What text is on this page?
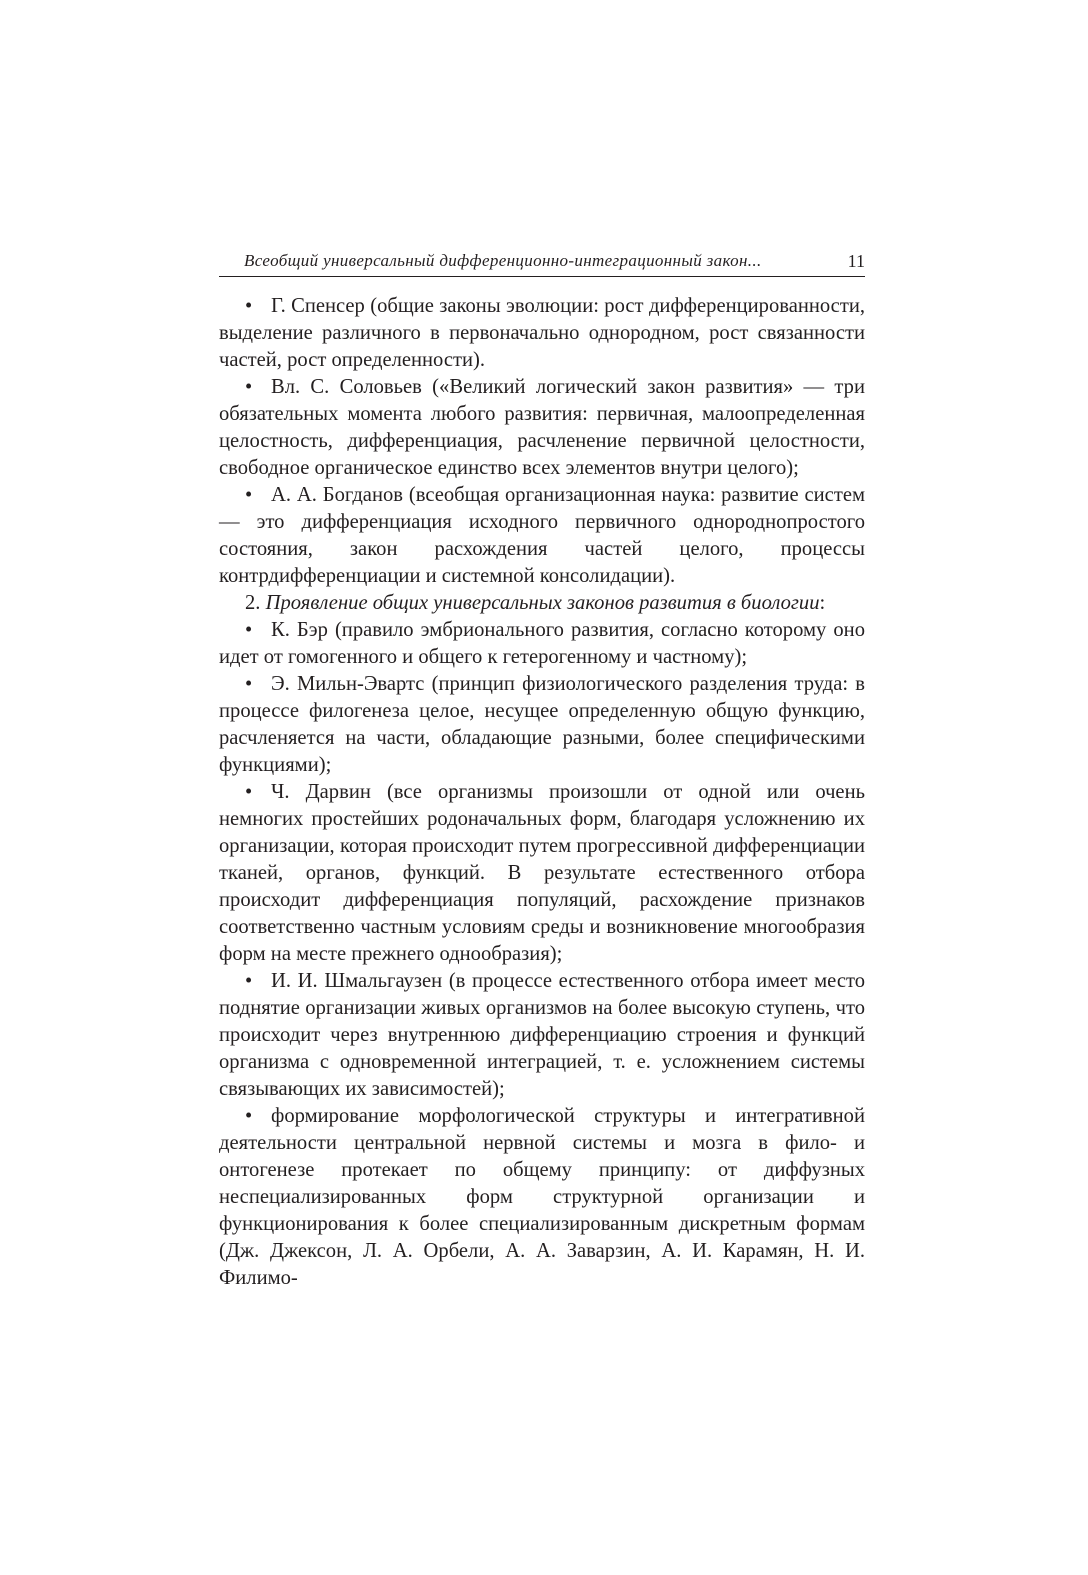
Всеобщий универсальный дифференционно-интеграционный закон...	11

• Г. Спенсер (общие законы эволюции: рост дифференцированности, выделение различного в первоначально однородном, рост связанности частей, рост определенности).

• Вл. С. Соловьев («Великий логический закон развития» — три обязательных момента любого развития: первичная, малоопределенная целостность, дифференциация, расчленение первичной целостности, свободное органическое единство всех элементов внутри целого);

• А. А. Богданов (всеобщая организационная наука: развитие систем — это дифференциация исходного первичного однороднопростого состояния, закон расхождения частей целого, процессы контрдифференциации и системной консолидации).

2. Проявление общих универсальных законов развития в биологии:

• К. Бэр (правило эмбрионального развития, согласно которому оно идет от гомогенного и общего к гетерогенному и частному);

• Э. Мильн-Эвартс (принцип физиологического разделения труда: в процессе филогенеза целое, несущее определенную общую функцию, расчленяется на части, обладающие разными, более специфическими функциями);

• Ч. Дарвин (все организмы произошли от одной или очень немногих простейших родоначальных форм, благодаря усложнению их организации, которая происходит путем прогрессивной дифференциации тканей, органов, функций. В результате естественного отбора происходит дифференциация популяций, расхождение признаков соответственно частным условиям среды и возникновение многообразия форм на месте прежнего однообразия);

• И. И. Шмальгаузен (в процессе естественного отбора имеет место поднятие организации живых организмов на более высокую ступень, что происходит через внутреннюю дифференциацию строения и функций организма с одновременной интеграцией, т. е. усложнением системы связывающих их зависимостей);

• формирование морфологической структуры и интегративной деятельности центральной нервной системы и мозга в фило- и онтогенезе протекает по общему принципу: от диффузных неспециализированных форм структурной организации и функционирования к более специализированным дискретным формам (Дж. Джексон, Л. А. Орбели, А. А. Заварзин, А. И. Карамян, Н. И. Филимо-
